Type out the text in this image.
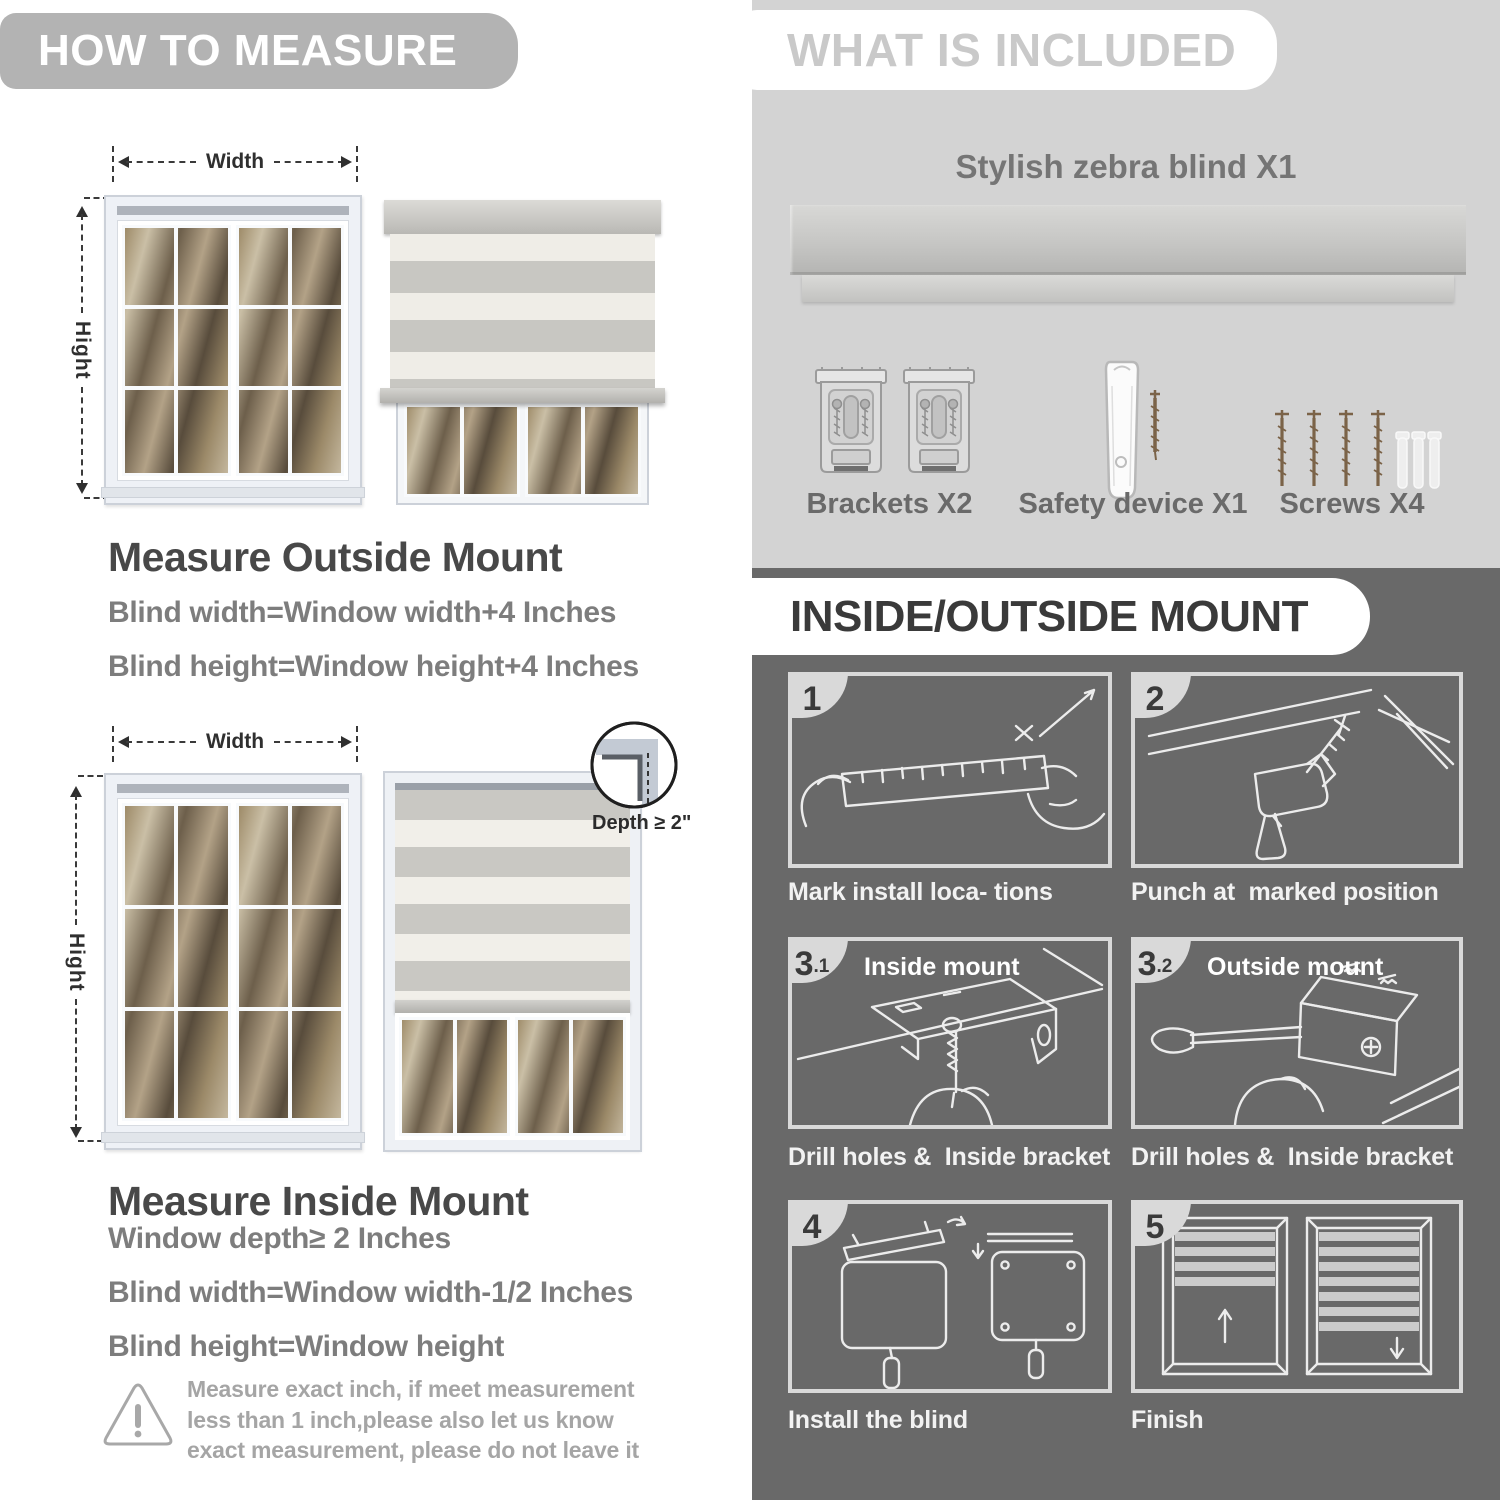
HOW TO MEASURE
Width
Hight
Measure Outside Mount
Blind width=Window width+4 Inches
Blind height=Window height+4 Inches
Width
Hight
Depth ≥ 2"
Measure Inside Mount
Window depth≥ 2 Inches
Blind width=Window width-1/2 Inches
Blind height=Window height
Measure exact inch, if meet measurement less than 1 inch,please also let us know exact measurement, please do not leave it
WHAT IS INCLUDED
Stylish zebra blind X1
Brackets X2	Safety device X1	Screws X4
INSIDE/OUTSIDE MOUNT
1
Mark install loca- tions
2
Punch at  marked position
3 .1 Inside mount
Drill holes &  Inside bracket
3 .2 Outside mount
Drill holes &  Inside bracket
4
Install the blind
5
Finish
